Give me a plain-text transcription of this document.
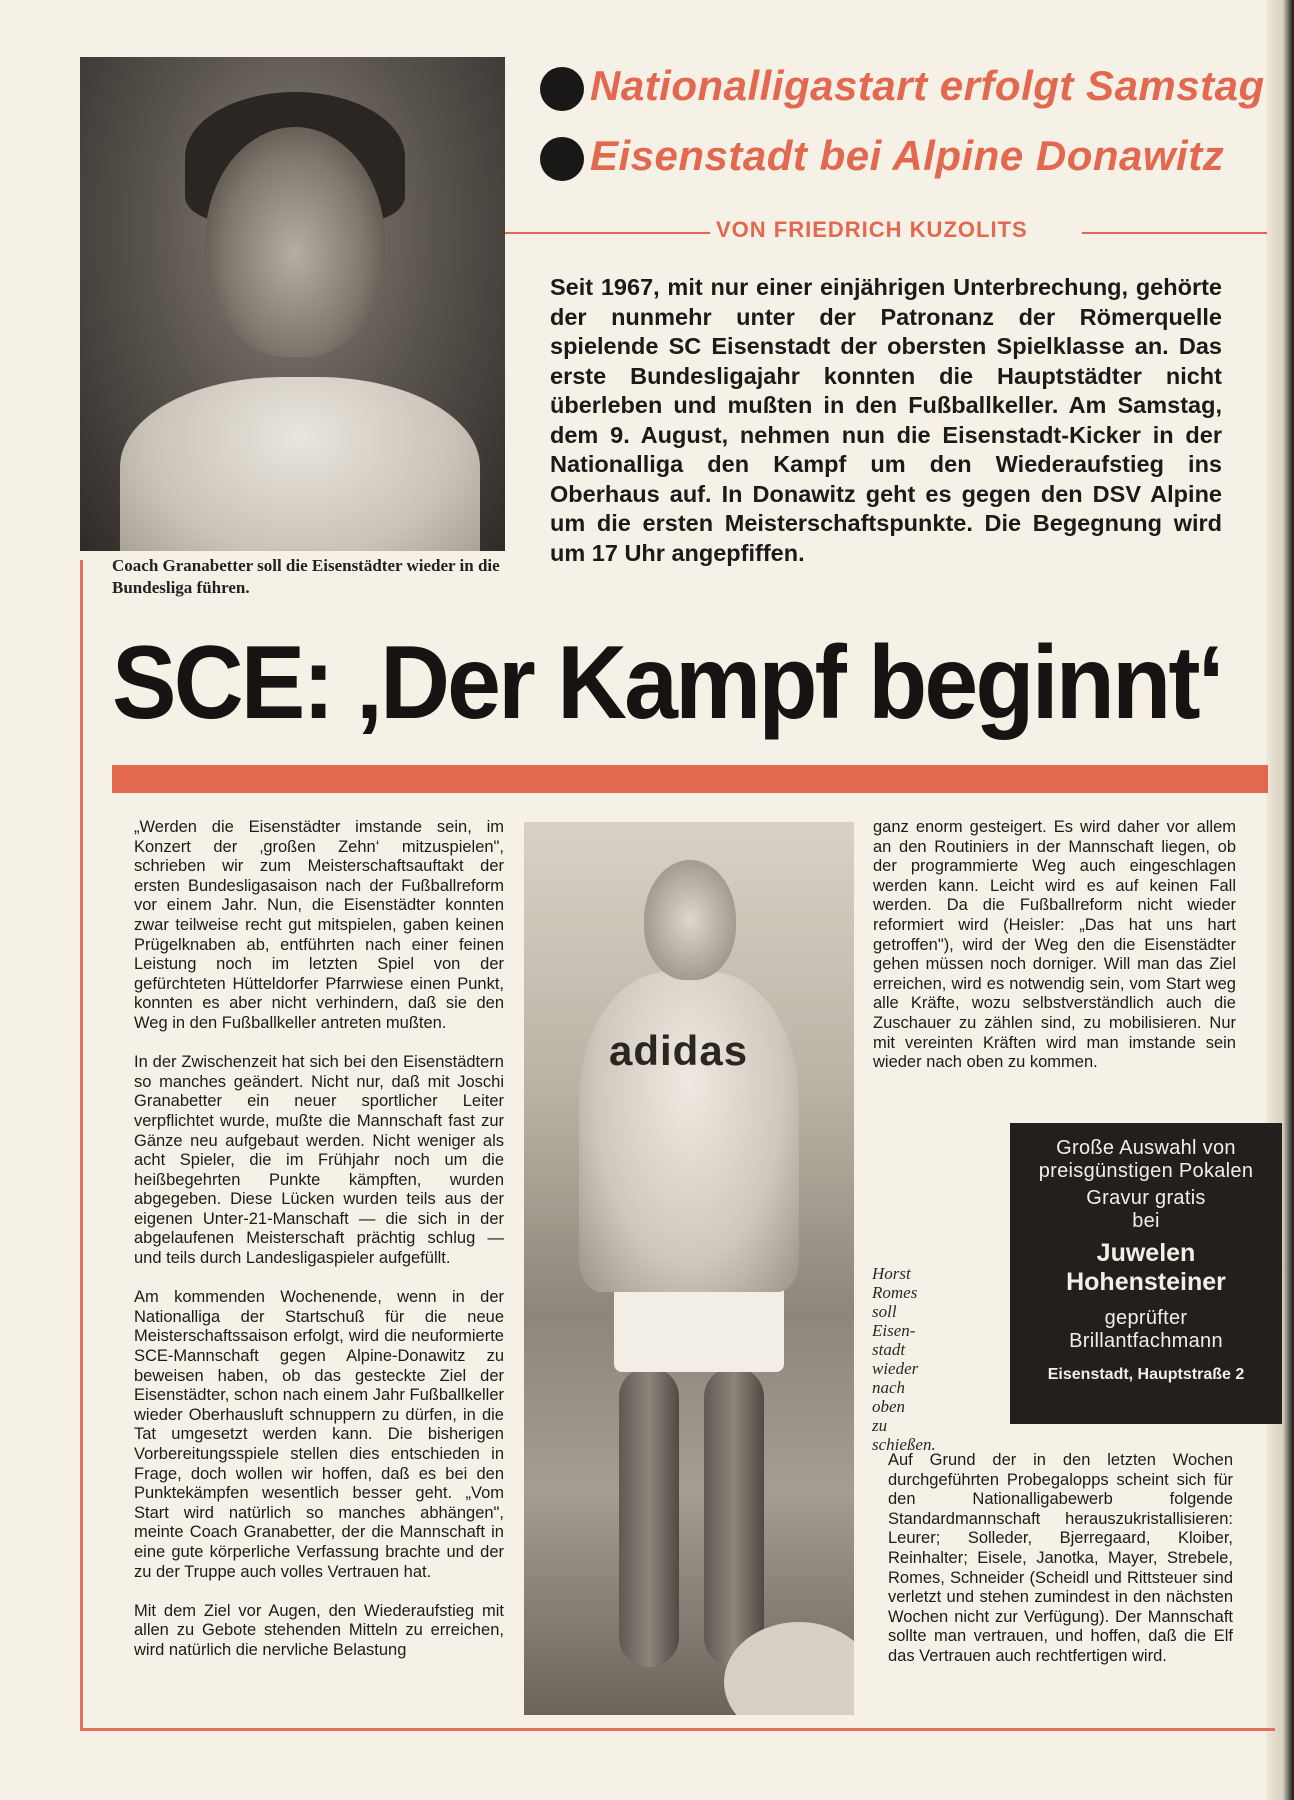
Coach Granabetter soll die Eisenstädter wieder in die Bundesliga führen.
Nationalligastart erfolgt Samstag
Eisenstadt bei Alpine Donawitz
VON FRIEDRICH KUZOLITS
Seit 1967, mit nur einer einjährigen Unterbrechung, gehörte der nunmehr unter der Patronanz der Römerquelle spielende SC Eisenstadt der obersten Spielklasse an. Das erste Bundesligajahr konnten die Hauptstädter nicht überleben und mußten in den Fußballkeller. Am Samstag, dem 9. August, nehmen nun die Eisenstadt-Kicker in der Nationalliga den Kampf um den Wiederaufstieg ins Oberhaus auf. In Donawitz geht es gegen den DSV Alpine um die ersten Meisterschaftspunkte. Die Begegnung wird um 17 Uhr angepfiffen.
SCE: ‚Der Kampf beginnt‘

„Werden die Eisenstädter imstande sein, im Konzert der ‚großen Zehn‘ mitzuspielen", schrieben wir zum Meisterschaftsauftakt der ersten Bundesligasaison nach der Fußballreform vor einem Jahr. Nun, die Eisenstädter konnten zwar teilweise recht gut mitspielen, gaben keinen Prügelknaben ab, entführten nach einer feinen Leistung noch im letzten Spiel von der gefürchteten Hütteldorfer Pfarrwiese einen Punkt, konnten es aber nicht verhindern, daß sie den Weg in den Fußballkeller antreten mußten.

In der Zwischenzeit hat sich bei den Eisenstädtern so manches geändert. Nicht nur, daß mit Joschi Granabetter ein neuer sportlicher Leiter verpflichtet wurde, mußte die Mannschaft fast zur Gänze neu aufgebaut werden. Nicht weniger als acht Spieler, die im Frühjahr noch um die heißbegehrten Punkte kämpften, wurden abgegeben. Diese Lücken wurden teils aus der eigenen Unter-21-Manschaft — die sich in der abgelaufenen Meisterschaft prächtig schlug — und teils durch Landesligaspieler aufgefüllt.

Am kommenden Wochenende, wenn in der Nationalliga der Startschuß für die neue Meisterschaftssaison erfolgt, wird die neuformierte SCE-Mannschaft gegen Alpine-Donawitz zu beweisen haben, ob das gesteckte Ziel der Eisenstädter, schon nach einem Jahr Fußballkeller wieder Oberhausluft schnuppern zu dürfen, in die Tat umgesetzt werden kann. Die bisherigen Vorbereitungsspiele stellen dies entschieden in Frage, doch wollen wir hoffen, daß es bei den Punktekämpfen wesentlich besser geht. „Vom Start wird natürlich so manches abhängen", meinte Coach Granabetter, der die Mannschaft in eine gute körperliche Verfassung brachte und der zu der Truppe auch volles Vertrauen hat.

Mit dem Ziel vor Augen, den Wiederaufstieg mit allen zu Gebote stehenden Mitteln zu erreichen, wird natürlich die nervliche Belastung

adidas
Horst
Romes
soll
Eisen-
stadt
wieder
nach
oben
zu
schießen.

ganz enorm gesteigert. Es wird daher vor allem an den Routiniers in der Mannschaft liegen, ob der programmierte Weg auch eingeschlagen werden kann. Leicht wird es auf keinen Fall werden. Da die Fußballreform nicht wieder reformiert wird (Heisler: „Das hat uns hart getroffen"), wird der Weg den die Eisenstädter gehen müssen noch dorniger. Will man das Ziel erreichen, wird es notwendig sein, vom Start weg alle Kräfte, wozu selbstverständlich auch die Zuschauer zu zählen sind, zu mobilisieren. Nur mit vereinten Kräften wird man imstande sein wieder nach oben zu kommen.

Große Auswahl von
preisgünstigen Pokalen
Gravur gratis
bei
Juwelen
Hohensteiner
geprüfter
Brillantfachmann
Eisenstadt, Hauptstraße 2

Auf Grund der in den letzten Wochen durchgeführten Probegalopps scheint sich für den Nationalligabewerb folgende Standardmannschaft herauszukristallisieren: Leurer; Solleder, Bjerregaard, Kloiber, Reinhalter; Eisele, Janotka, Mayer, Strebele, Romes, Schneider (Scheidl und Rittsteuer sind verletzt und stehen zumindest in den nächsten Wochen nicht zur Verfügung). Der Mannschaft sollte man vertrauen, und hoffen, daß die Elf das Vertrauen auch rechtfertigen wird.
